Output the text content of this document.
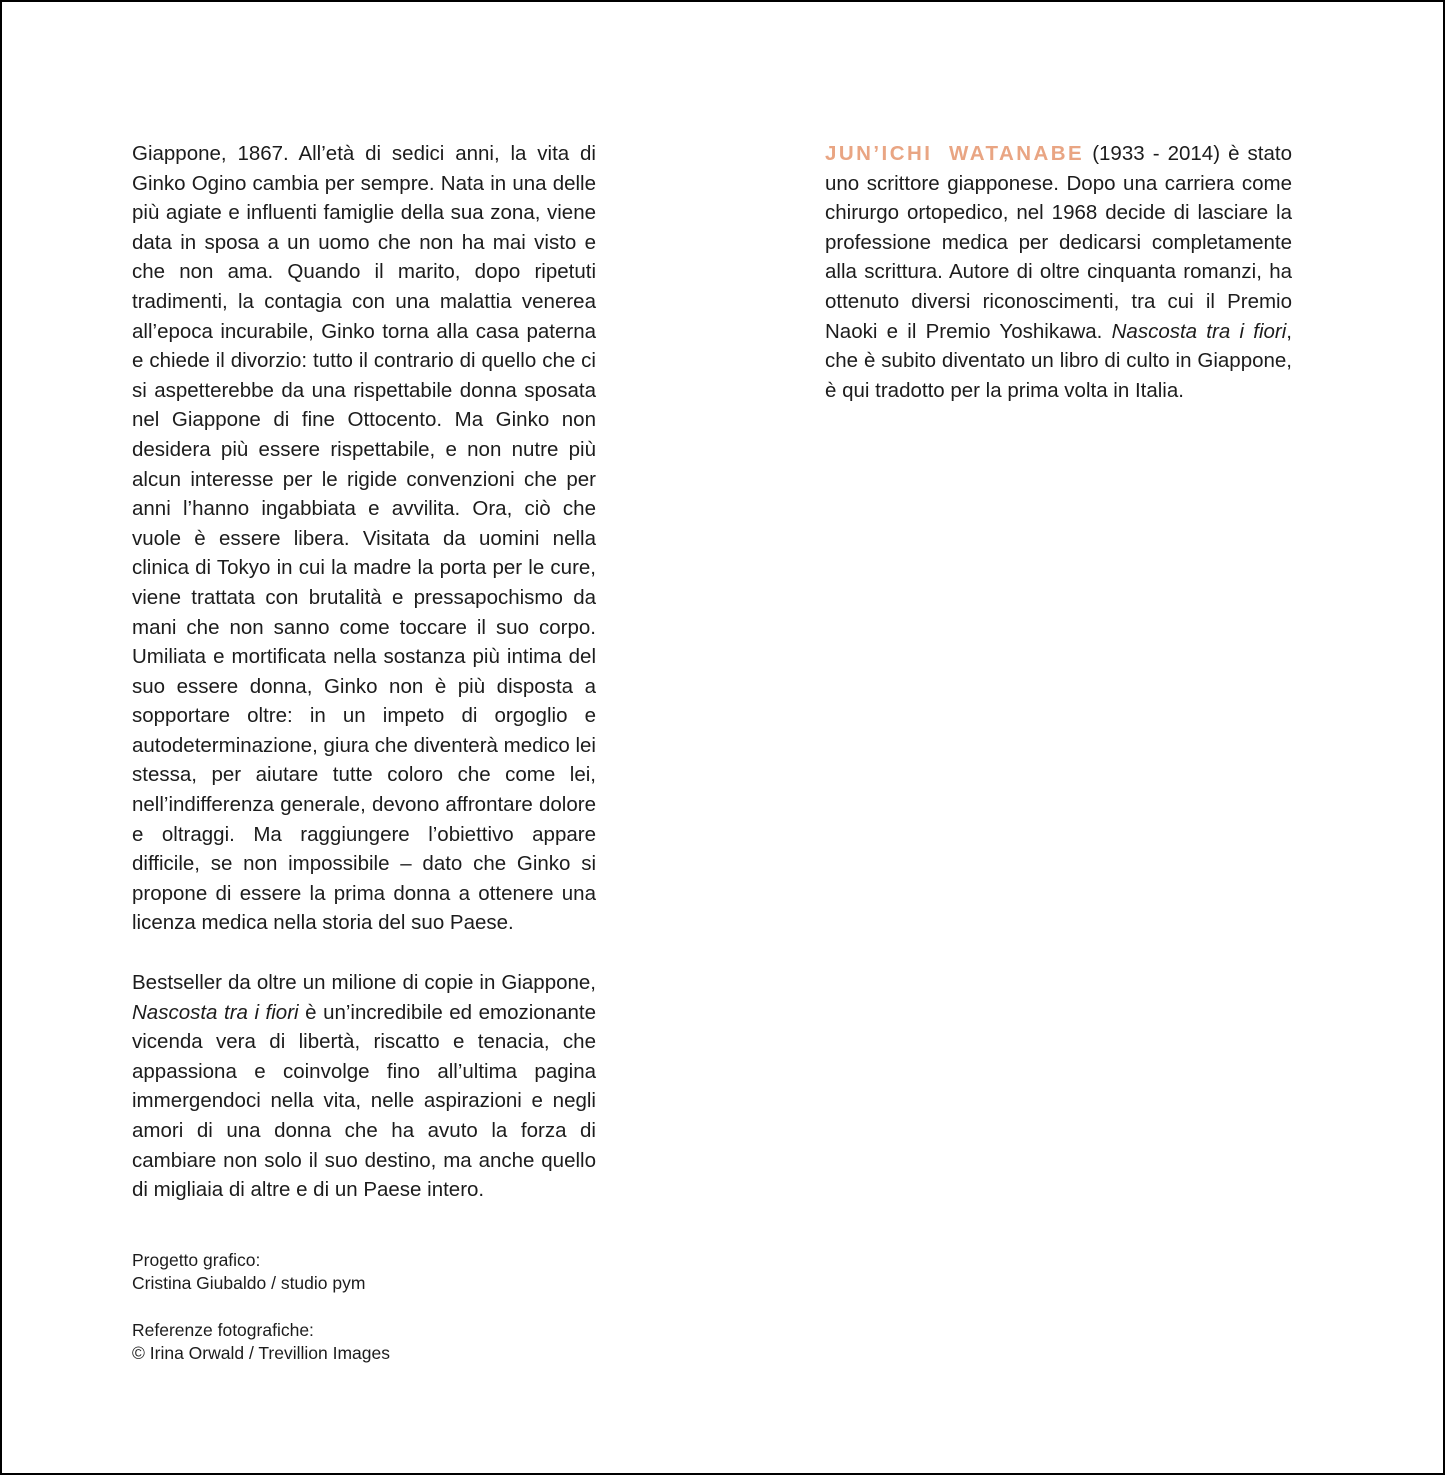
Giappone, 1867. All’età di sedici anni, la vita di Ginko Ogino cambia per sempre. Nata in una delle più agiate e influenti famiglie della sua zona, viene data in sposa a un uomo che non ha mai visto e che non ama. Quando il marito, dopo ripetuti tradimenti, la contagia con una malattia venerea all’epoca incurabile, Ginko torna alla casa paterna e chiede il divorzio: tutto il contrario di quello che ci si aspetterebbe da una rispettabile donna sposata nel Giappone di fine Ottocento. Ma Ginko non desidera più essere rispettabile, e non nutre più alcun interesse per le rigide convenzioni che per anni l’hanno ingabbiata e avvilita. Ora, ciò che vuole è essere libera. Visitata da uomini nella clinica di Tokyo in cui la madre la porta per le cure, viene trattata con brutalità e pressapochismo da mani che non sanno come toccare il suo corpo. Umiliata e mortificata nella sostanza più intima del suo essere donna, Ginko non è più disposta a sopportare oltre: in un impeto di orgoglio e autodeterminazione, giura che diventerà medico lei stessa, per aiutare tutte coloro che come lei, nell’indifferenza generale, devono affrontare dolore e oltraggi. Ma raggiungere l’obiettivo appare difficile, se non impossibile – dato che Ginko si propone di essere la prima donna a ottenere una licenza medica nella storia del suo Paese.

Bestseller da oltre un milione di copie in Giappone, Nascosta tra i fiori è un’incredibile ed emozionante vicenda vera di libertà, riscatto e tenacia, che appassiona e coinvolge fino all’ultima pagina immergendoci nella vita, nelle aspirazioni e negli amori di una donna che ha avuto la forza di cambiare non solo il suo destino, ma anche quello di migliaia di altre e di un Paese intero.

JUN’ICHI WATANABE (1933 - 2014) è stato uno scrittore giapponese. Dopo una carriera come chirurgo ortopedico, nel 1968 decide di lasciare la professione medica per dedicarsi completamente alla scrittura. Autore di oltre cinquanta romanzi, ha ottenuto diversi riconoscimenti, tra cui il Premio Naoki e il Premio Yoshikawa. Nascosta tra i fiori, che è subito diventato un libro di culto in Giappone, è qui tradotto per la prima volta in Italia.

Progetto grafico:
Cristina Giubaldo / studio pym
Referenze fotografiche:
© Irina Orwald / Trevillion Images
